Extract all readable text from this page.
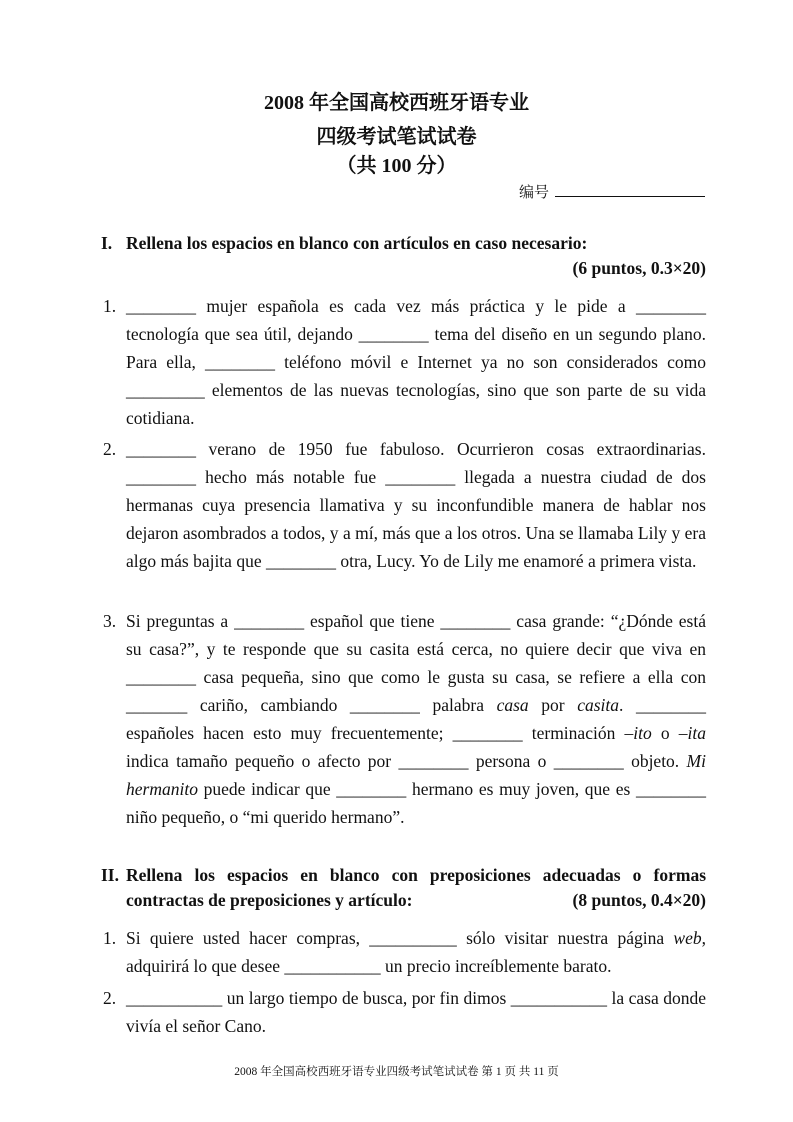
2008 年全国高校西班牙语专业
四级考试笔试试卷
（共 100 分）
编号
I. Rellena los espacios en blanco con artículos en caso necesario:
(6 puntos, 0.3×20)
1. ________ mujer española es cada vez más práctica y le pide a ________ tecnología que sea útil, dejando ________ tema del diseño en un segundo plano. Para ella, ________ teléfono móvil e Internet ya no son considerados como _________ elementos de las nuevas tecnologías, sino que son parte de su vida cotidiana.
2. ________ verano de 1950 fue fabuloso. Ocurrieron cosas extraordinarias. ________ hecho más notable fue ________ llegada a nuestra ciudad de dos hermanas cuya presencia llamativa y su inconfundible manera de hablar nos dejaron asombrados a todos, y a mí, más que a los otros. Una se llamaba Lily y era algo más bajita que ________ otra, Lucy. Yo de Lily me enamoré a primera vista.
3. Si preguntas a ________ español que tiene ________ casa grande: “¿Dónde está su casa?”, y te responde que su casita está cerca, no quiere decir que viva en ________ casa pequeña, sino que como le gusta su casa, se refiere a ella con _______ cariño, cambiando ________ palabra casa por casita. ________ españoles hacen esto muy frecuentemente; ________ terminación –ito o –ita indica tamaño pequeño o afecto por ________ persona o ________ objeto. Mi hermanito puede indicar que ________ hermano es muy joven, que es ________ niño pequeño, o “mi querido hermano”.
II. Rellena los espacios en blanco con preposiciones adecuadas o formas contractas de preposiciones y artículo:	(8 puntos, 0.4×20)
1. Si quiere usted hacer compras, __________ sólo visitar nuestra página web, adquirirá lo que desee ___________ un precio increíblemente barato.
2. ___________ un largo tiempo de busca, por fin dimos ___________ la casa donde vivía el señor Cano.
2008 年全国高校西班牙语专业四级考试笔试试卷 第 1 页 共 11 页
